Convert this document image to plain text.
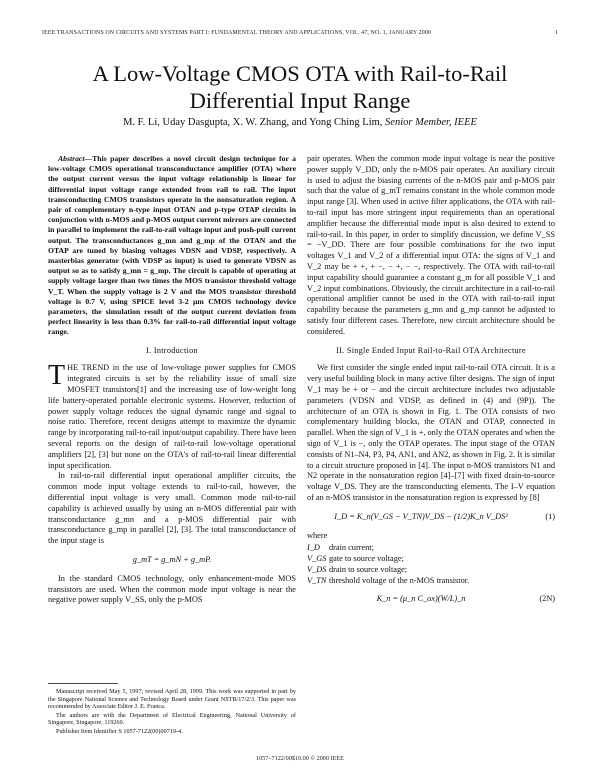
IEEE TRANSACTIONS ON CIRCUITS AND SYSTEMS PART I: FUNDAMENTAL THEORY AND APPLICATIONS, VOL. 47, NO. 1, JANUARY 2000	1
A Low-Voltage CMOS OTA with Rail-to-Rail
Differential Input Range
M. F. Li, Uday Dasgupta, X. W. Zhang, and Yong Ching Lim, Senior Member, IEEE

Abstract—This paper describes a novel circuit design technique for a low-voltage CMOS operational transconductance amplifier (OTA) where the output current versus the input voltage relationship is linear for differential input voltage range extended from rail to rail. The input transconducting CMOS transistors operate in the nonsaturation region. A pair of complementary n-type input OTAN and p-type OTAP circuits in conjunction with n-MOS and p-MOS output current mirrors are connected in parallel to implement the rail-to-rail voltage input and push-pull current output. The transconductances g_mn and g_mp of the OTAN and the OTAP are tuned by biasing voltages VDSN and VDSP, respectively. A masterbias generator (with VDSP as input) is used to generate VDSN as output so as to satisfy g_mn = g_mp. The circuit is capable of operating at supply voltage larger than two times the MOS transistor threshold voltage V_T. When the supply voltage is 2 V and the MOS transistor threshold voltage is 0.7 V, using SPICE level 3-2 μm CMOS technology device parameters, the simulation result of the output current deviation from perfect linearity is less than 0.3% for rail-to-rail differential input voltage range.

I. Introduction

THE TREND in the use of low-voltage power supplies for CMOS integrated circuits is set by the reliability issue of small size MOSFET transistors[1] and the increasing use of low-weight long life battery-operated portable electronic systems. However, reduction of power supply voltage reduces the signal dynamic range and signal to noise ratio. Therefore, recent designs attempt to maximize the dynamic range by incorporating rail-to-rail input/output capability. There have been several reports on the design of rail-to-rail low-voltage operational amplifiers [2], [3] but none on the OTA's of rail-to-rail linear differential input specification.

In rail-to-rail differential input operational amplifier circuits, the common mode input voltage extends to rail-to-rail, however, the differential input voltage is very small. Common mode rail-to-rail capability is achieved usually by using an n-MOS differential pair with transconductance g_mn and a p-MOS differential pair with transconductance g_mp in parallel [2], [3]. The total transconductance of the input stage is

g_mT = g_mN + g_mP.

In the standard CMOS technology, only enhancement-mode MOS transistors are used. When the common mode input voltage is near the negative power supply V_SS, only the p-MOS

pair operates. When the common mode input voltage is near the positive power supply V_DD, only the n-MOS pair operates. An auxiliary circuit is used to adjust the biasing currents of the n-MOS pair and p-MOS pair such that the value of g_mT remains constant in the whole common mode input range [3]. When used in active filter applications, the OTA with rail-to-rail input has more stringent input requirements than an operational amplifier because the differential mode input is also desired to extend to rail-to-rail. In this paper, in order to simplify discussion, we define V_SS = −V_DD. There are four possible combinations for the two input voltages V_1 and V_2 of a differential input OTA: the signs of V_1 and V_2 may be + +, + −, − +, − −, respectively. The OTA with rail-to-rail input capability should guarantee a constant g_m for all possible V_1 and V_2 input combinations. Obviously, the circuit architecture in a rail-to-rail operational amplifier cannot be used in the OTA with rail-to-rail input capability because the parameters g_mn and g_mp cannot be adjusted to satisfy four different cases. Therefore, new circuit architecture should be considered.

II. Single Ended Input Rail-to-Rail OTA Architecture

We first consider the single ended input rail-to-rail OTA circuit. It is a very useful building block in many active filter designs. The sign of input V_1 may be + or − and the circuit architecture includes two adjustable parameters (VDSN and VDSP, as defined in (4) and (9P)). The architecture of an OTA is shown in Fig. 1. The OTA consists of two complementary building blocks, the OTAN and OTAP, connected in parallel. When the sign of V_1 is +, only the OTAN operates and when the sign of V_1 is −, only the OTAP operates. The input stage of the OTAN consists of N1–N4, P3, P4, AN1, and AN2, as shown in Fig. 2. It is similar to a circuit structure proposed in [4]. The input n-MOS transistors N1 and N2 operate in the nonsaturation region [4]–[7] with fixed drain-to-source voltage V_DS. They are the transconducting elements. The I–V equation of an n-MOS transistor in the nonsaturation region is expressed by [8]

I_D = K_n(V_GS − V_TN)V_DS − (1/2)K_n V_DS²	(1)
where
I_D	drain current;
V_GS gate to source voltage;
V_DS drain to source voltage;
V_TN threshold voltage of the n-MOS transistor.
K_n = (μ_n C_ox)(W/L)_n	(2N)

Manuscript received May 5, 1997; revised April 28, 1999. This work was supported in part by the Singapore National Science and Technology Board under Grant NSTB/17/2/3. This paper was recommended by Associate Editor J. E. Franca.

The authors are with the Department of Electrical Engineering, National University of Singapore, Singapore, 119260.

Publisher Item Identifier S 1057-7122(00)00719-4.

1057–7122/00$10.00 © 2000 IEEE
